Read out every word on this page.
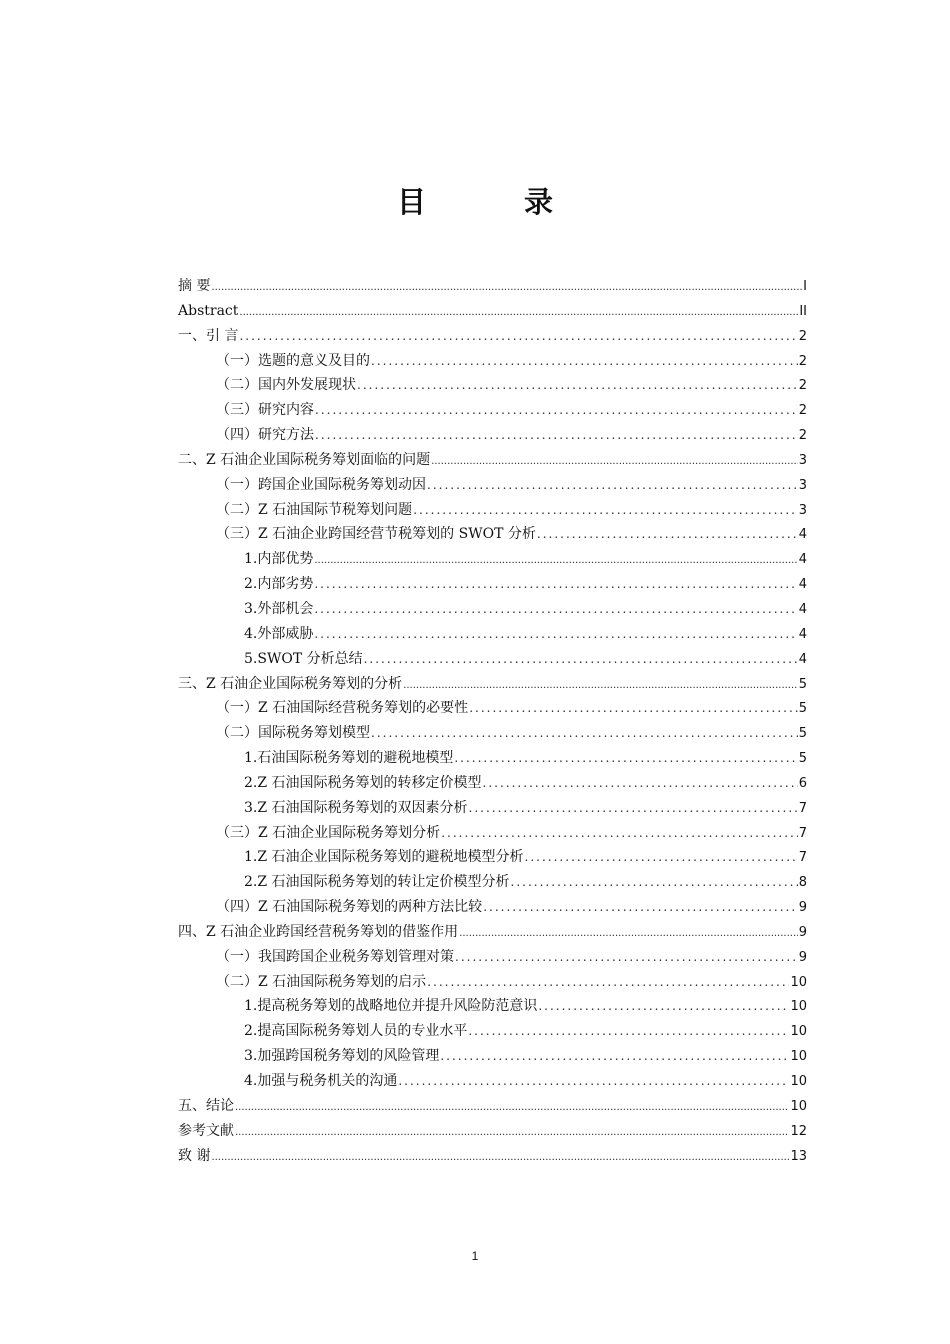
目 录
摘 要 .....	I
Abstract .....	II
一、引 言 .....	2
（一）选题的意义及目的 .....	2
（二）国内外发展现状 .....	2
（三）研究内容 .....	2
（四）研究方法 .....	2
二、Z 石油企业国际税务筹划面临的问题 .....	3
（一）跨国企业国际税务筹划动因 .....	3
（二）Z 石油国际节税筹划问题 .....	3
（三）Z 石油企业跨国经营节税筹划的 SWOT 分析 .....	4
1.内部优势 .....	4
2.内部劣势 .....	4
3.外部机会 .....	4
4.外部威胁 .....	4
5.SWOT 分析总结 .....	4
三、Z 石油企业国际税务筹划的分析 .....	5
（一）Z 石油国际经营税务筹划的必要性 .....	5
（二）国际税务筹划模型 .....	5
1.石油国际税务筹划的避税地模型 .....	5
2.Z 石油国际税务筹划的转移定价模型 .....	6
3.Z 石油国际税务筹划的双因素分析 .....	7
（三）Z 石油企业国际税务筹划分析 .....	7
1.Z 石油企业国际税务筹划的避税地模型分析 .....	7
2.Z 石油国际税务筹划的转让定价模型分析 .....	8
（四）Z 石油国际税务筹划的两种方法比较 .....	9
四、Z 石油企业跨国经营税务筹划的借鉴作用 .....	9
（一）我国跨国企业税务筹划管理对策 .....	9
（二）Z 石油国际税务筹划的启示 .....	10
1.提高税务筹划的战略地位并提升风险防范意识 .....	10
2.提高国际税务筹划人员的专业水平 .....	10
3.加强跨国税务筹划的风险管理 .....	10
4.加强与税务机关的沟通 .....	10
五、结论 .....	10
参考文献 .....	12
致 谢 .....	13
1
